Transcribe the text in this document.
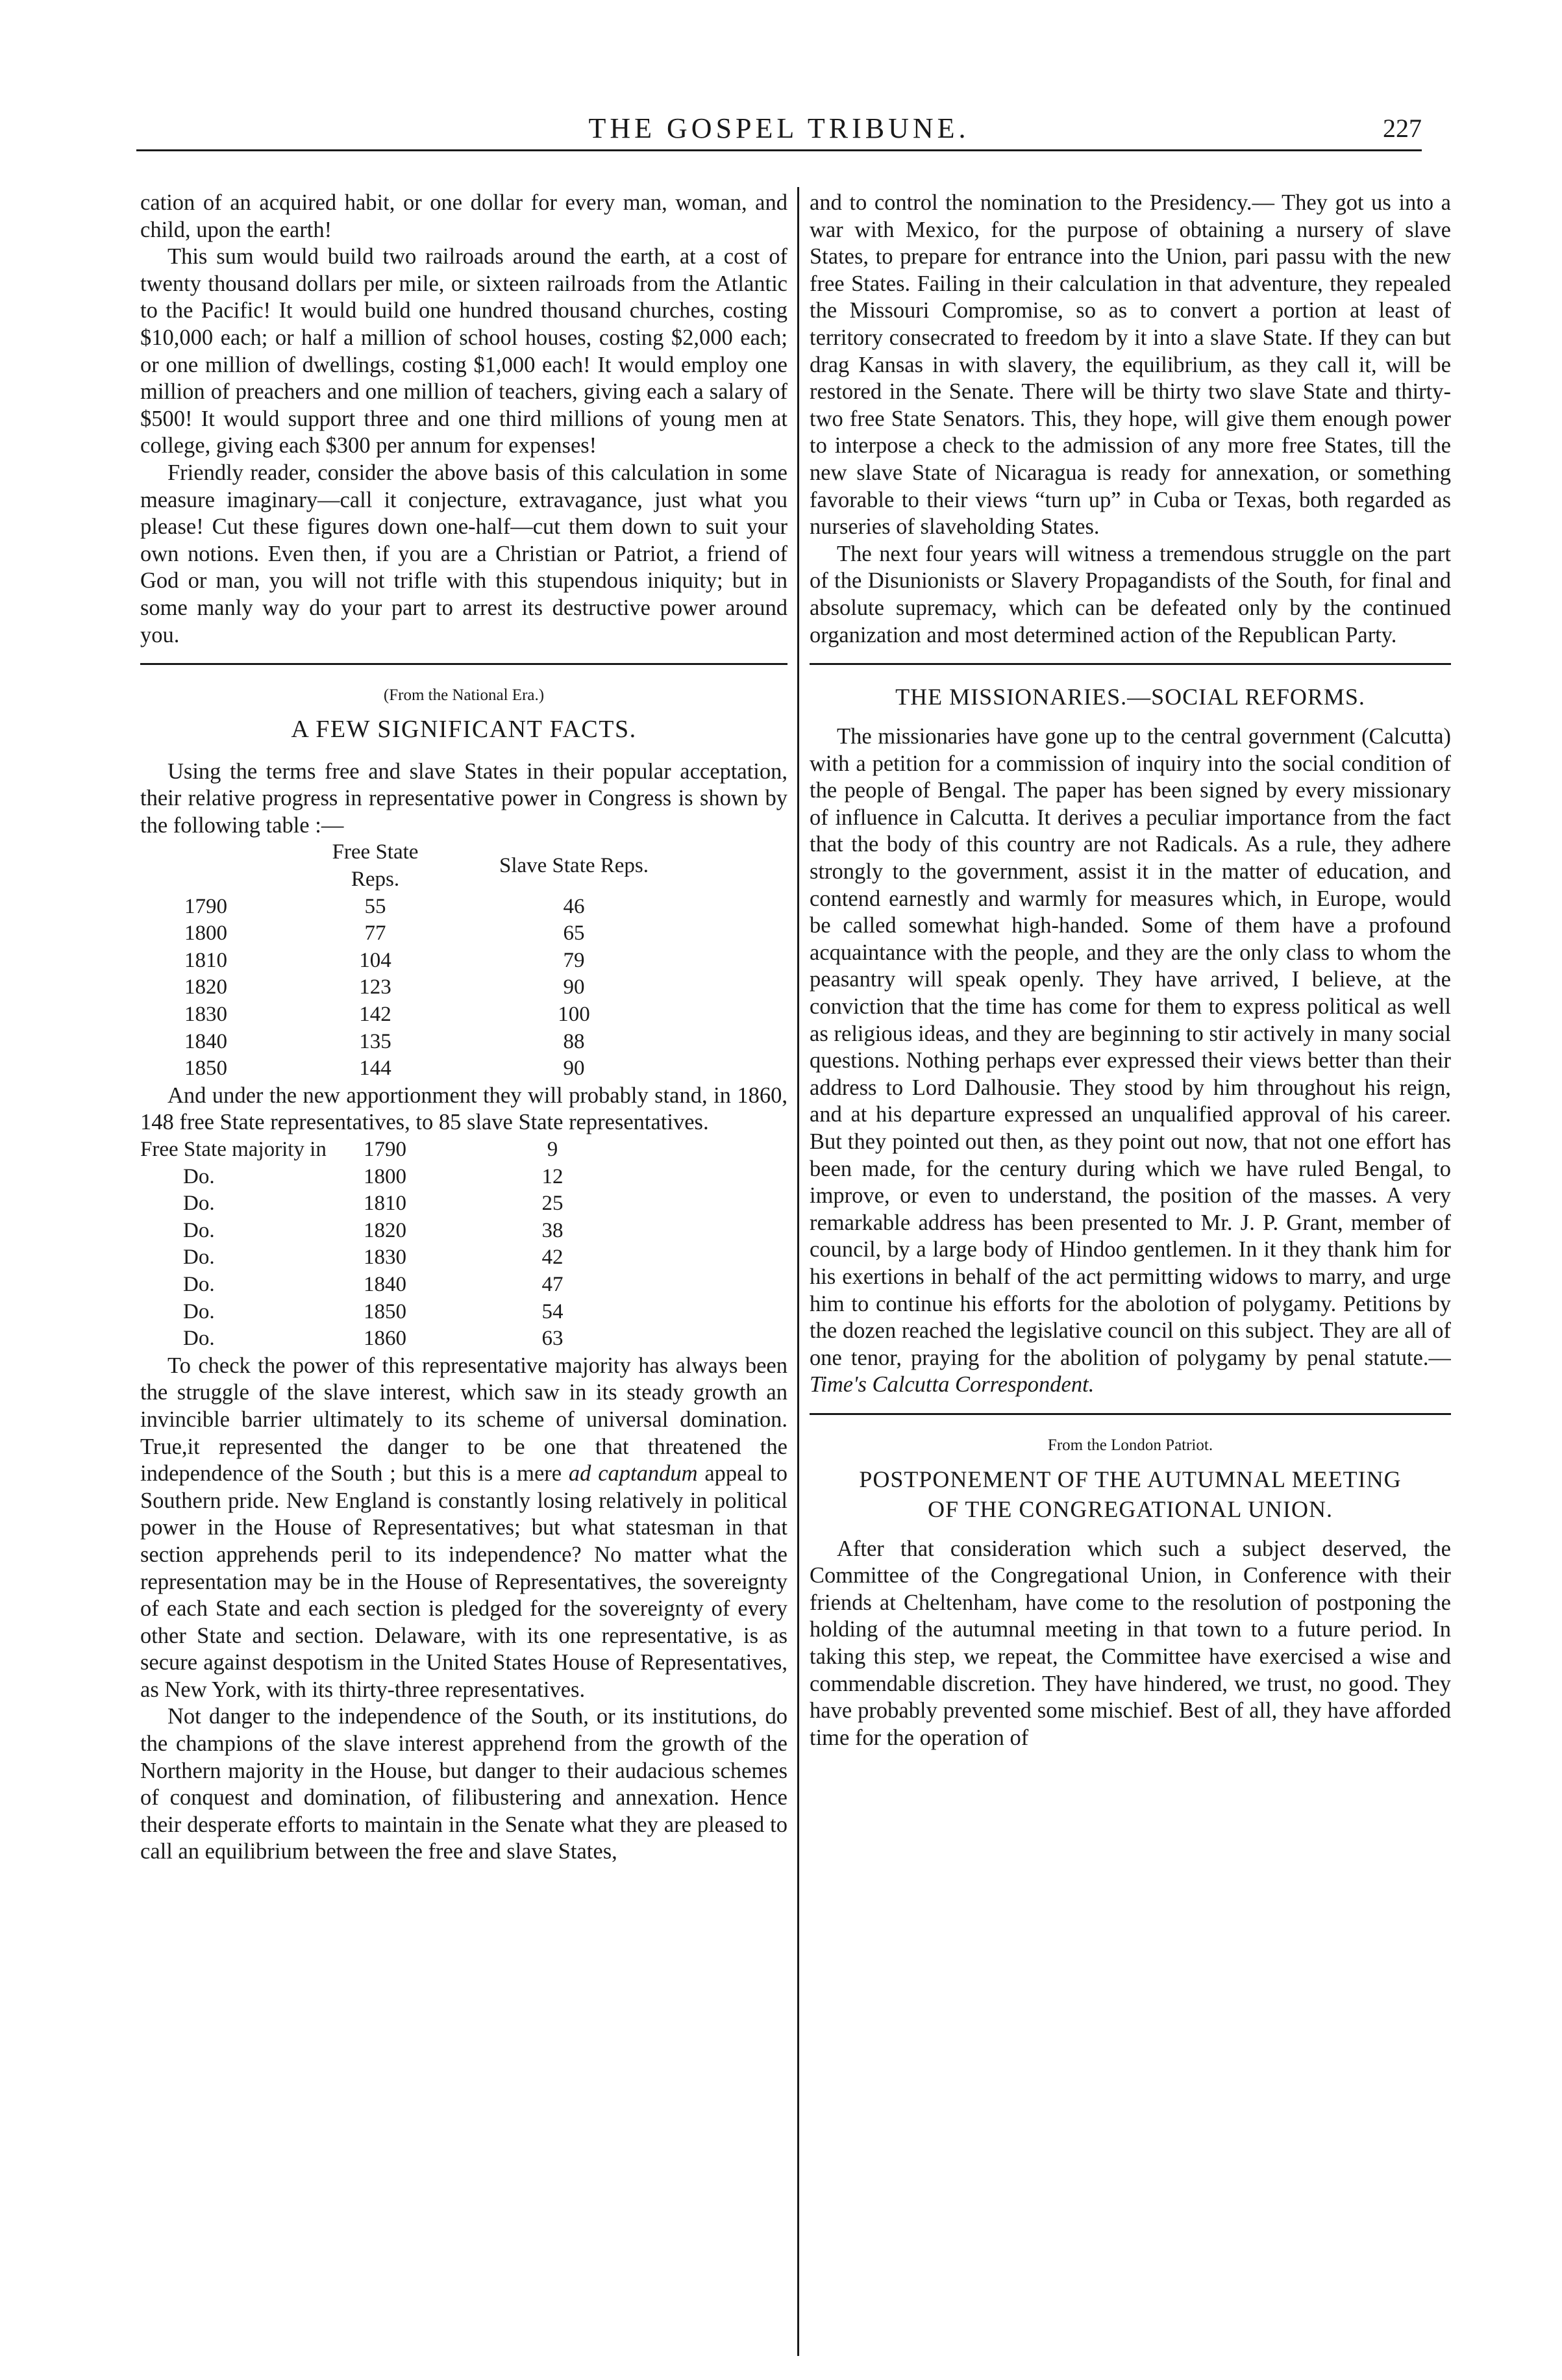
THE GOSPEL TRIBUNE.	227

cation of an acquired habit, or one dollar for every man, woman, and child, upon the earth!

This sum would build two railroads around the earth, at a cost of twenty thousand dollars per mile, or sixteen railroads from the Atlantic to the Pacific! It would build one hundred thousand churches, costing $10,000 each; or half a million of school houses, costing $2,000 each; or one million of dwellings, costing $1,000 each! It would employ one million of preachers and one million of teachers, giving each a salary of $500! It would support three and one third millions of young men at college, giving each $300 per annum for expenses!

Friendly reader, consider the above basis of this calculation in some measure imaginary—call it conjecture, extravagance, just what you please! Cut these figures down one-half—cut them down to suit your own notions. Even then, if you are a Christian or Patriot, a friend of God or man, you will not trifle with this stupendous iniquity; but in some manly way do your part to arrest its destructive power around you.

(From the National Era.)
A FEW SIGNIFICANT FACTS.

Using the terms free and slave States in their popular acceptation, their relative progress in representative power in Congress is shown by the following table :—

	Free State Reps.	Slave State Reps.
1790	55	46
1800	77	65
1810	104	79
1820	123	90
1830	142	100
1840	135	88
1850	144	90

And under the new apportionment they will probably stand, in 1860, 148 free State representatives, to 85 slave State representatives.

Free State majority in	1790	9
Do.	1800	12
Do.	1810	25
Do.	1820	38
Do.	1830	42
Do.	1840	47
Do.	1850	54
Do.	1860	63

To check the power of this representative majority has always been the struggle of the slave interest, which saw in its steady growth an invincible barrier ultimately to its scheme of universal domination. True,it represented the danger to be one that threatened the independence of the South ; but this is a mere ad captandum appeal to Southern pride. New England is constantly losing relatively in political power in the House of Representatives; but what statesman in that section apprehends peril to its independence? No matter what the representation may be in the House of Representatives, the sovereignty of each State and each section is pledged for the sovereignty of every other State and section. Delaware, with its one representative, is as secure against despotism in the United States House of Representatives, as New York, with its thirty-three representatives.

Not danger to the independence of the South, or its institutions, do the champions of the slave interest apprehend from the growth of the Northern majority in the House, but danger to their audacious schemes of conquest and domination, of filibustering and annexation. Hence their desperate efforts to maintain in the Senate what they are pleased to call an equilibrium between the free and slave States,

and to control the nomination to the Presidency.— They got us into a war with Mexico, for the purpose of obtaining a nursery of slave States, to prepare for entrance into the Union, pari passu with the new free States. Failing in their calculation in that adventure, they repealed the Missouri Compromise, so as to convert a portion at least of territory consecrated to freedom by it into a slave State. If they can but drag Kansas in with slavery, the equilibrium, as they call it, will be restored in the Senate. There will be thirty two slave State and thirty-two free State Senators. This, they hope, will give them enough power to interpose a check to the admission of any more free States, till the new slave State of Nicaragua is ready for annexation, or something favorable to their views “turn up” in Cuba or Texas, both regarded as nurseries of slaveholding States.

The next four years will witness a tremendous struggle on the part of the Disunionists or Slavery Propagandists of the South, for final and absolute supremacy, which can be defeated only by the continued organization and most determined action of the Republican Party.

THE MISSIONARIES.—SOCIAL REFORMS.

The missionaries have gone up to the central government (Calcutta) with a petition for a commission of inquiry into the social condition of the people of Bengal. The paper has been signed by every missionary of influence in Calcutta. It derives a peculiar importance from the fact that the body of this country are not Radicals. As a rule, they adhere strongly to the government, assist it in the matter of education, and contend earnestly and warmly for measures which, in Europe, would be called somewhat high-handed. Some of them have a profound acquaintance with the people, and they are the only class to whom the peasantry will speak openly. They have arrived, I believe, at the conviction that the time has come for them to express political as well as religious ideas, and they are beginning to stir actively in many social questions. Nothing perhaps ever expressed their views better than their address to Lord Dalhousie. They stood by him throughout his reign, and at his departure expressed an unqualified approval of his career. But they pointed out then, as they point out now, that not one effort has been made, for the century during which we have ruled Bengal, to improve, or even to understand, the position of the masses. A very remarkable address has been presented to Mr. J. P. Grant, member of council, by a large body of Hindoo gentlemen. In it they thank him for his exertions in behalf of the act permitting widows to marry, and urge him to continue his efforts for the abolotion of polygamy. Petitions by the dozen reached the legislative council on this subject. They are all of one tenor, praying for the abolition of polygamy by penal statute.— Time's Calcutta Correspondent.

From the London Patriot.
POSTPONEMENT OF THE AUTUMNAL MEETING
OF THE CONGREGATIONAL UNION.

After that consideration which such a subject deserved, the Committee of the Congregational Union, in Conference with their friends at Cheltenham, have come to the resolution of postponing the holding of the autumnal meeting in that town to a future period. In taking this step, we repeat, the Committee have exercised a wise and commendable discretion. They have hindered, we trust, no good. They have probably prevented some mischief. Best of all, they have afforded time for the operation of
